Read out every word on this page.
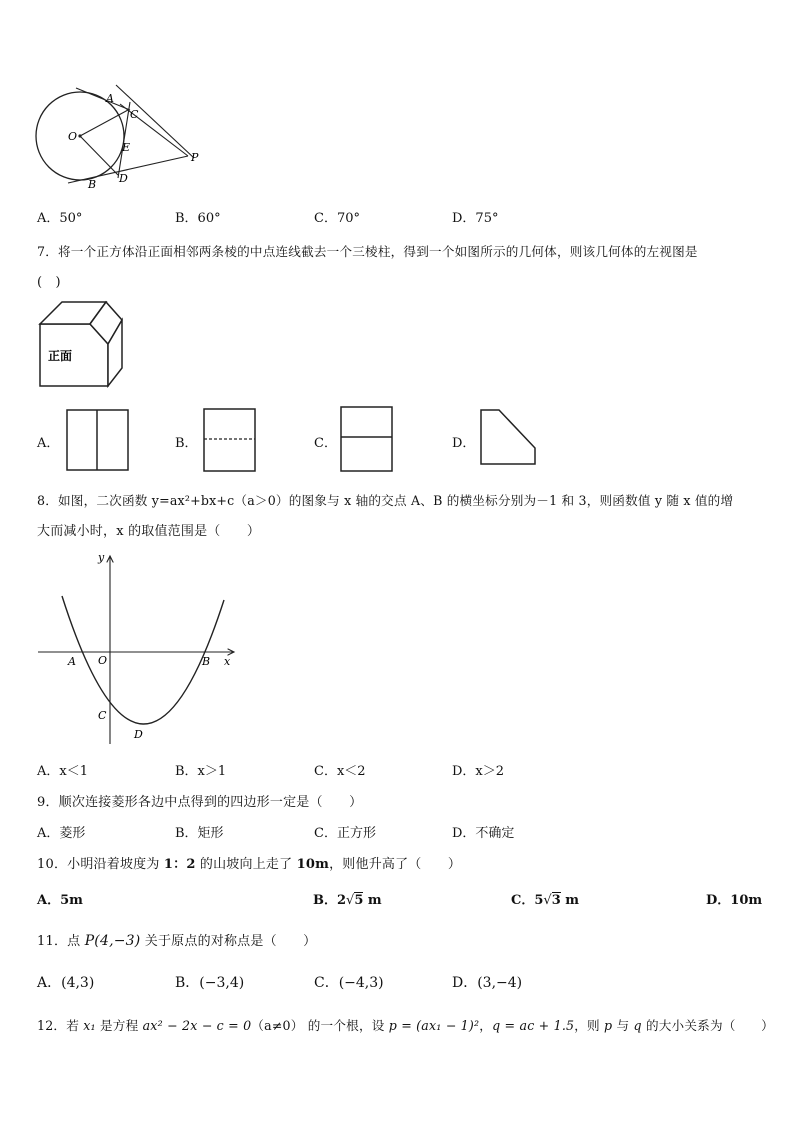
A
C
O
E
P
B D
A．50°	B．60°	C．70°	D．75°
7．将一个正方体沿正面相邻两条棱的中点连线截去一个三棱柱，得到一个如图所示的几何体，则该几何体的左视图是
(　)
正面
A．	B．	C．	D．
8．如图，二次函数 y=ax²+bx+c（a＞0）的图象与 x 轴的交点 A、B 的横坐标分别为－1 和 3，则函数值 y 随 x 值的增
大而减小时，x 的取值范围是（　　）
y
x
A O	B
C
D
A．x＜1	B．x＞1	C．x＜2	D．x＞2
9．顺次连接菱形各边中点得到的四边形一定是（　　）
A．菱形	B．矩形	C．正方形	D．不确定
10．小明沿着坡度为 1：2 的山坡向上走了 10m，则他升高了（　　）
A．5m	B．2√5 m	C．5√3 m	D．10m
11．点 P(4,−3) 关于原点的对称点是（　　）
A．(4,3)	B．(−3,4)	C．(−4,3)	D．(3,−4)
12．若 x₁ 是方程 ax² − 2x − c = 0（a≠0） 的一个根，设 p = (ax₁ − 1)²，q = ac + 1.5，则 p 与 q 的大小关系为（　　）
